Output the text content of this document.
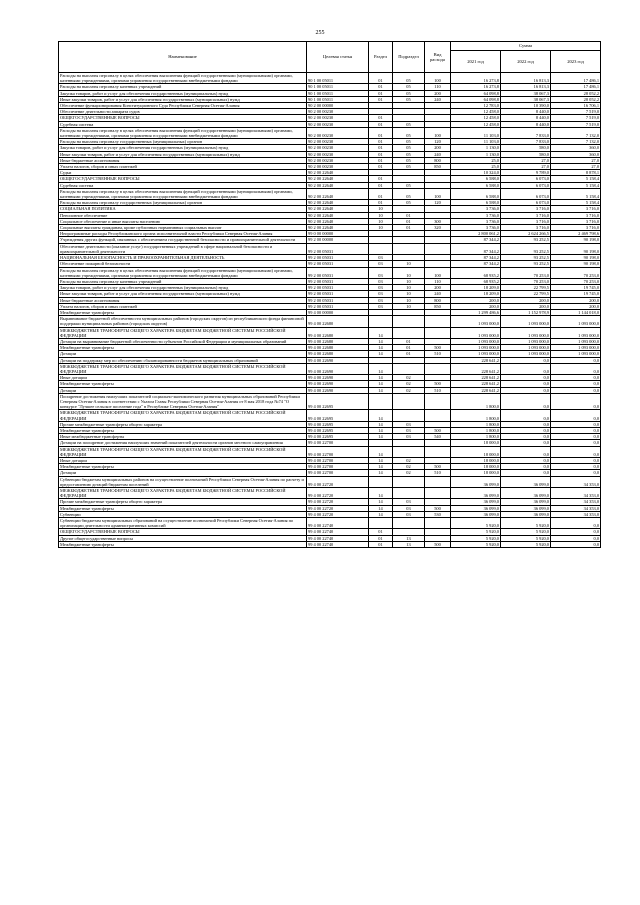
255
Наименование	Целевая статья	Раздел	Подраздел	Вид расхода	Сумма		
					2021 год	2022 год	2023 год
Расходы на выплаты персоналу в целях обеспечения выполнения функций государственными (муниципальными) органами, казенными учреждениями, органами управления государственными внебюджетными фондами	90 1 00 05011	01	05	100	16 273,8	16 813,3	17 486,1
Расходы на выплаты персоналу казенных учреждений	90 1 00 05011	01	05	110	16 273,8	16 813,3	17 486,1
Закупка товаров, работ и услуг для обеспечения государственных (муниципальных) нужд	90 1 00 05011	01	05	200	64 098,8	38 067,3	28 052,2
Иные закупки товаров, работ и услуг для обеспечения государственных (муниципальных) нужд	90 1 00 05011	01	05	240	64 098,8	38 067,3	28 052,2
Обеспечение функционирования Конституционного Суда Республики Северная Осетия-Алания	90 2 00 00000				12 783,0	10 390,0	16 706,1
Обеспечение деятельности аппарата судов	90 2 00 00230				12 458,0	8 440,0	7 519,0
ОБЩЕГОСУДАРСТВЕННЫЕ ВОПРОСЫ	90 2 00 00230	01			12 458,0	8 440,0	7 519,0
Судебная система	90 2 00 00230	01	05		12 458,0	8 440,0	7 519,0
Расходы на выплаты персоналу в целях обеспечения выполнения функций государственными (муниципальными) органами, казенными учреждениями, органами управления государственными внебюджетными фондами	90 2 00 00230	01	05	100	11 103,0	7 833,0	7 132,0
Расходы на выплаты персоналу государственных (муниципальных) органов	90 2 00 00230	01	05	120	11 103,0	7 833,0	7 132,0
Закупка товаров, работ и услуг для обеспечения государственных (муниципальных) нужд	90 2 00 00230	01	05	200	1 130,0	580,0	360,0
Иные закупки товаров, работ и услуг для обеспечения государственных (муниципальных) нужд	90 2 00 00230	01	05	240	1 130,0	580,0	360,0
Иные бюджетные ассигнования	90 2 00 00230	01	05	800	25,0	27,0	27,0
Уплата налогов, сборов и иных платежей	90 2 00 00230	01	05	850	25,0	27,0	27,0
Судьи	90 2 00 22640				10 324,0	9 789,0	8 878,1
ОБЩЕГОСУДАРСТВЕННЫЕ ВОПРОСЫ	90 2 00 22640	01			6 588,0	6 073,0	5 158,4
Судебная система	90 2 00 22640	01	05		6 588,0	6 073,0	5 158,4
Расходы на выплаты персоналу в целях обеспечения выполнения функций государственными (муниципальными) органами, казенными учреждениями, органами управления государственными внебюджетными фондами	90 2 00 22640	01	05	100	6 588,0	6 073,0	5 158,4
Расходы на выплаты персоналу государственных (муниципальных) органов	90 2 00 22640	01	05	120	6 588,0	6 073,0	5 158,4
СОЦИАЛЬНАЯ ПОЛИТИКА	90 2 00 22640	10			3 736,0	3 716,0	3 716,0
Пенсионное обеспечение	90 2 00 22640	10	01		3 736,0	3 716,0	3 716,0
Социальное обеспечение и иные выплаты населению	90 2 00 22640	10	01	300	3 736,0	3 716,0	3 716,0
Социальные выплаты гражданам, кроме публичных нормативных социальных выплат	90 2 00 22640	10	01	320	3 736,0	3 716,0	3 716,0
Непрограммные расходы Республиканского органа исполнительной власти Республики Северная Осетия-Алания	99 0 00 00000				2 800 061,2	2 624 266,5	2 469 798,6
Учреждения других функций, связанных с обеспечением государственной безопасности и правоохранительной деятельности	99 2 00 00000				87 344,2	93 252,5	90 198,0
Обеспечение деятельности (оказание услуг) государственных учреждений в сфере национальной безопасности и правоохранительной деятельности	99 2 00 05031				87 344,2	93 252,5	90 198,0
НАЦИОНАЛЬНАЯ БЕЗОПАСНОСТЬ И ПРАВООХРАНИТЕЛЬНАЯ ДЕЯТЕЛЬНОСТЬ	99 2 00 05031	03			87 344,2	93 252,5	90 198,0
Обеспечение пожарной безопасности	99 2 00 05031	03	10		87 344,2	93 252,5	90 198,0
Расходы на выплаты персоналу в целях обеспечения выполнения функций государственными (муниципальными) органами, казенными учреждениями, органами управления государственными внебюджетными фондами	99 2 00 05031	03	10	100	68 935,2	70 253,0	70 253,0
Расходы на выплаты персоналу казенных учреждений	99 2 00 05031	03	10	110	68 935,2	70 253,0	70 253,0
Закупка товаров, работ и услуг для обеспечения государственных (муниципальных) нужд	99 2 00 05031	03	10	200	18 209,0	22 799,5	19 745,0
Иные закупки товаров, работ и услуг для обеспечения государственных (муниципальных) нужд	99 2 00 05031	03	10	240	18 209,0	22 799,5	19 745,0
Иные бюджетные ассигнования	99 2 00 05031	03	10	800	200,0	200,0	200,0
Уплата налогов, сборов и иных платежей	99 2 00 05031	03	10	850	200,0	200,0	200,0
Межбюджетные трансферты	99 4 00 00000				1 299 486,6	1 152 978,9	1 144 018,0
Выравнивание бюджетной обеспеченности муниципальных районов (городских округов) из республиканского фонда финансовой поддержки муниципальных районов (городских округов)	99 4 00 22680				1 093 000,0	1 093 000,0	1 093 000,0
МЕЖБЮДЖЕТНЫЕ ТРАНСФЕРТЫ ОБЩЕГО ХАРАКТЕРА БЮДЖЕТАМ БЮДЖЕТНОЙ СИСТЕМЫ РОССИЙСКОЙ ФЕДЕРАЦИИ	99 4 00 22680	14			1 093 000,0	1 093 000,0	1 093 000,0
Дотации на выравнивание бюджетной обеспеченности субъектов Российской Федерации и муниципальных образований	99 4 00 22680	14	01		1 093 000,0	1 093 000,0	1 093 000,0
Межбюджетные трансферты	99 4 00 22680	14	01	500	1 093 000,0	1 093 000,0	1 093 000,0
Дотации	99 4 00 22680	14	01	510	1 093 000,0	1 093 000,0	1 093 000,0
Дотации на поддержку мер по обеспечению сбалансированности бюджетов муниципальных образований	99 4 00 22690				228 641,2	0,0	0,0
МЕЖБЮДЖЕТНЫЕ ТРАНСФЕРТЫ ОБЩЕГО ХАРАКТЕРА БЮДЖЕТАМ БЮДЖЕТНОЙ СИСТЕМЫ РОССИЙСКОЙ ФЕДЕРАЦИИ	99 4 00 22690	14			228 641,2	0,0	0,0
Иные дотации	99 4 00 22690	14	02		228 641,2	0,0	0,0
Межбюджетные трансферты	99 4 00 22690	14	02	500	228 641,2	0,0	0,0
Дотации	99 4 00 22690	14	02	510	228 641,2	0,0	0,0
Поощрение достижения наилучших показателей социально-экономического развития муниципальных образований Республики Северная Осетия-Алания в соответствии с Указом Главы Республики Северная Осетия-Алания от 8 мая 2018 года №74 "О конкурсе "Лучшее сельское поселение года" в Республике Северная Осетия-Алания"	99 4 00 22695				1 800,0	0,0	0,0
МЕЖБЮДЖЕТНЫЕ ТРАНСФЕРТЫ ОБЩЕГО ХАРАКТЕРА БЮДЖЕТАМ БЮДЖЕТНОЙ СИСТЕМЫ РОССИЙСКОЙ ФЕДЕРАЦИИ	99 4 00 22695	14			1 800,0	0,0	0,0
Прочие межбюджетные трансферты общего характера	99 4 00 22695	14	03		1 800,0	0,0	0,0
Межбюджетные трансферты	99 4 00 22695	14	03	500	1 800,0	0,0	0,0
Иные межбюджетные трансферты	99 4 00 22695	14	03	540	1 800,0	0,0	0,0
Дотации на поощрение достижения наилучших значений показателей деятельности органов местного самоуправления	99 4 00 22700				18 000,0	0,0	0,0
МЕЖБЮДЖЕТНЫЕ ТРАНСФЕРТЫ ОБЩЕГО ХАРАКТЕРА БЮДЖЕТАМ БЮДЖЕТНОЙ СИСТЕМЫ РОССИЙСКОЙ ФЕДЕРАЦИИ	99 4 00 22700	14			18 000,0	0,0	0,0
Иные дотации	99 4 00 22700	14	02		18 000,0	0,0	0,0
Межбюджетные трансферты	99 4 00 22700	14	02	500	18 000,0	0,0	0,0
Дотации	99 4 00 22700	14	02	510	18 000,0	0,0	0,0
Субвенции бюджетам муниципальных районов на осуществление полномочий Республики Северная Осетия-Алания по расчету и предоставлению дотаций бюджетам поселений	99 4 00 22720				36 099,0	36 099,0	34 353,0
МЕЖБЮДЖЕТНЫЕ ТРАНСФЕРТЫ ОБЩЕГО ХАРАКТЕРА БЮДЖЕТАМ БЮДЖЕТНОЙ СИСТЕМЫ РОССИЙСКОЙ ФЕДЕРАЦИИ	99 4 00 22720	14			36 099,0	36 099,0	34 353,0
Прочие межбюджетные трансферты общего характера	99 4 00 22720	14	03		36 099,0	36 099,0	34 353,0
Межбюджетные трансферты	99 4 00 22720	14	03	500	36 099,0	36 099,0	34 353,0
Субвенции	99 4 00 22720	14	03	530	36 099,0	36 099,0	34 353,0
Субвенции бюджетам муниципальных образований на осуществление полномочий Республики Северная Осетия-Алания по организации деятельности административных комиссий	99 4 00 22740				5 920,0	5 920,0	0,0
ОБЩЕГОСУДАРСТВЕННЫЕ ВОПРОСЫ	99 4 00 22740	01			5 920,0	5 920,0	0,0
Другие общегосударственные вопросы	99 4 00 22740	01	13		5 920,0	5 920,0	0,0
Межбюджетные трансферты	99 4 00 22740	01	13	500	5 920,0	5 920,0	0,0
